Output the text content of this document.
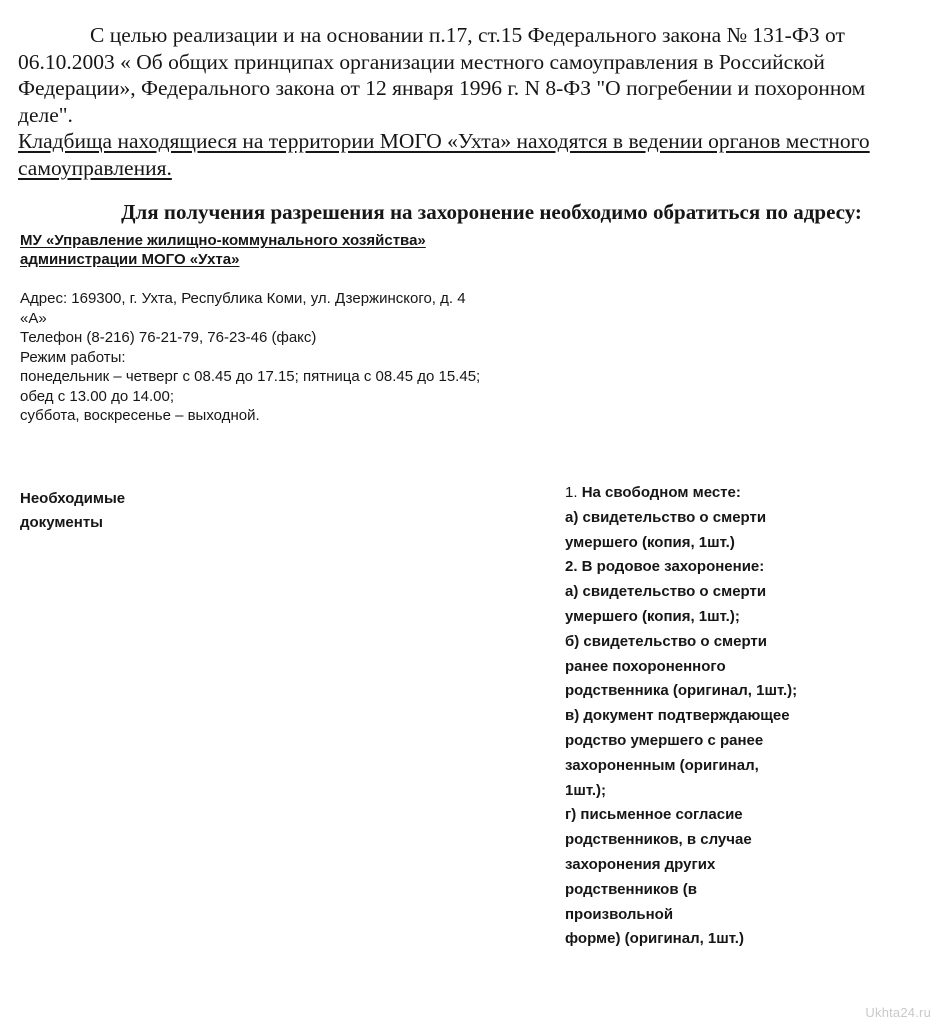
С целью реализации и на основании п.17, ст.15 Федерального закона № 131-ФЗ от

06.10.2003 « Об общих принципах организации местного самоуправления в Российской

Федерации», Федерального закона от 12 января 1996 г. N 8-ФЗ "О погребении и похоронном

деле".

Кладбища находящиеся на территории МОГО «Ухта» находятся в ведении органов местного

самоуправления.

Для получения разрешения на захоронение необходимо обратиться по адресу:
МУ «Управление жилищно-коммунального хозяйства»
администрации МОГО «Ухта»
Адрес: 169300, г. Ухта, Республика Коми, ул. Дзержинского, д. 4
«А»
Телефон (8-216) 76-21-79, 76-23-46 (факс)
Режим работы:
понедельник – четверг с 08.45 до 17.15; пятница с 08.45 до 15.45;
обед с 13.00 до 14.00;
суббота, воскресенье – выходной.
Необходимые
документы
1. На свободном месте:
а) свидетельство о смерти
умершего (копия, 1шт.)
2. В родовое захоронение:
а) свидетельство о смерти
умершего (копия, 1шт.);
б) свидетельство о смерти
ранее похороненного
родственника (оригинал, 1шт.);
в) документ подтверждающее
родство умершего с ранее
захороненным (оригинал,
1шт.);
г) письменное согласие
родственников, в случае
захоронения других
родственников (в
произвольной
форме) (оригинал, 1шт.)
Ukhta24.ru
